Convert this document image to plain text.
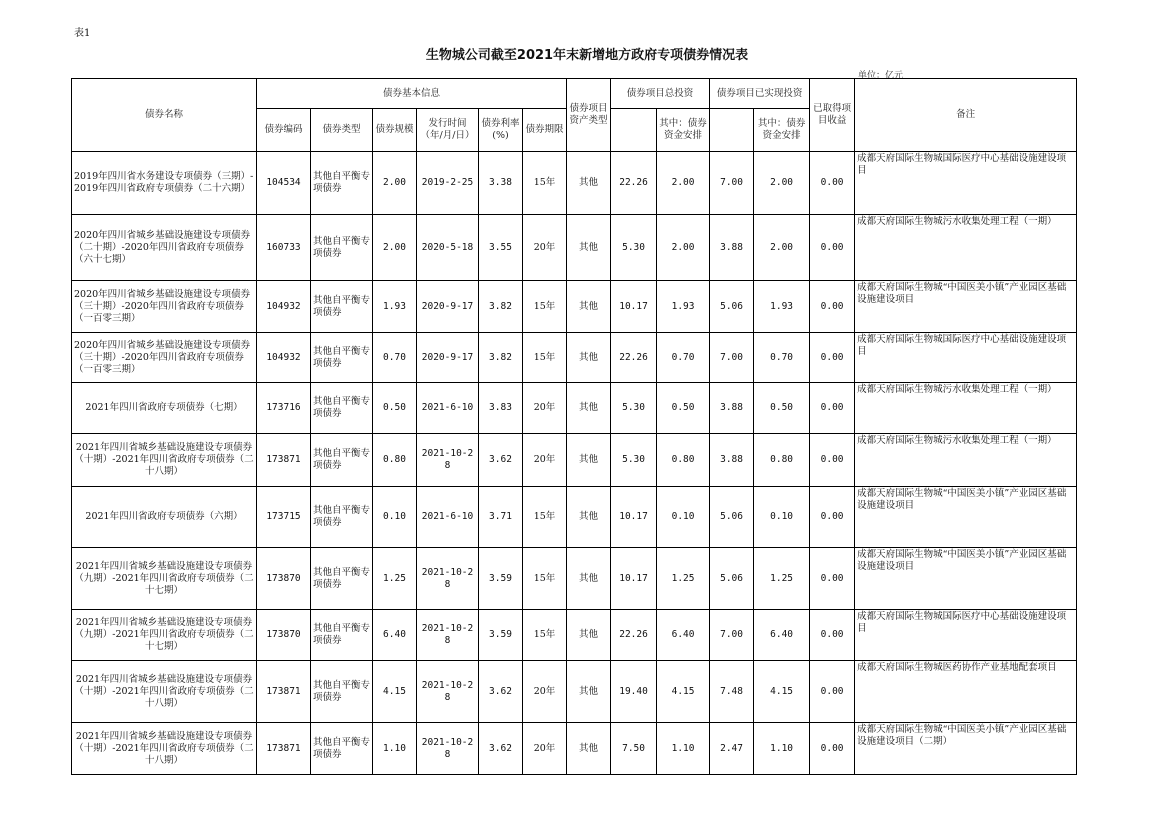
表1
生物城公司截至2021年末新增地方政府专项债券情况表
单位：亿元
债券名称	债券基本信息						债券项目资产类型	债券项目总投资		债券项目已实现投资		已取得项目收益	备注
	债券编码	债券类型	债券规模	发行时间（年/月/日）	债券利率(%)	债券期限			其中：债券资金安排		其中：债券资金安排		
2019年四川省水务建设专项债券（三期）-2019年四川省政府专项债券（二十六期）	104534	其他自平衡专项债券	2.00	2019-2-25	3.38	15年	其他	22.26	2.00	7.00	2.00	0.00	成都天府国际生物城国际医疗中心基础设施建设项目
2020年四川省城乡基础设施建设专项债券（二十期）-2020年四川省政府专项债券（六十七期）	160733	其他自平衡专项债券	2.00	2020-5-18	3.55	20年	其他	5.30	2.00	3.88	2.00	0.00	成都天府国际生物城污水收集处理工程（一期）
2020年四川省城乡基础设施建设专项债券（三十期）-2020年四川省政府专项债券（一百零三期）	104932	其他自平衡专项债券	1.93	2020-9-17	3.82	15年	其他	10.17	1.93	5.06	1.93	0.00	成都天府国际生物城“中国医美小镇”产业园区基础设施建设项目
2020年四川省城乡基础设施建设专项债券（三十期）-2020年四川省政府专项债券（一百零三期）	104932	其他自平衡专项债券	0.70	2020-9-17	3.82	15年	其他	22.26	0.70	7.00	0.70	0.00	成都天府国际生物城国际医疗中心基础设施建设项目
2021年四川省政府专项债券（七期）	173716	其他自平衡专项债券	0.50	2021-6-10	3.83	20年	其他	5.30	0.50	3.88	0.50	0.00	成都天府国际生物城污水收集处理工程（一期）
2021年四川省城乡基础设施建设专项债券（十期）-2021年四川省政府专项债券（二十八期）	173871	其他自平衡专项债券	0.80	2021-10-28	3.62	20年	其他	5.30	0.80	3.88	0.80	0.00	成都天府国际生物城污水收集处理工程（一期）
2021年四川省政府专项债券（六期）	173715	其他自平衡专项债券	0.10	2021-6-10	3.71	15年	其他	10.17	0.10	5.06	0.10	0.00	成都天府国际生物城“中国医美小镇”产业园区基础设施建设项目
2021年四川省城乡基础设施建设专项债券（九期）-2021年四川省政府专项债券（二十七期）	173870	其他自平衡专项债券	1.25	2021-10-28	3.59	15年	其他	10.17	1.25	5.06	1.25	0.00	成都天府国际生物城“中国医美小镇”产业园区基础设施建设项目
2021年四川省城乡基础设施建设专项债券（九期）-2021年四川省政府专项债券（二十七期）	173870	其他自平衡专项债券	6.40	2021-10-28	3.59	15年	其他	22.26	6.40	7.00	6.40	0.00	成都天府国际生物城国际医疗中心基础设施建设项目
2021年四川省城乡基础设施建设专项债券（十期）-2021年四川省政府专项债券（二十八期）	173871	其他自平衡专项债券	4.15	2021-10-28	3.62	20年	其他	19.40	4.15	7.48	4.15	0.00	成都天府国际生物城医药协作产业基地配套项目
2021年四川省城乡基础设施建设专项债券（十期）-2021年四川省政府专项债券（二十八期）	173871	其他自平衡专项债券	1.10	2021-10-28	3.62	20年	其他	7.50	1.10	2.47	1.10	0.00	成都天府国际生物城“中国医美小镇”产业园区基础设施建设项目（二期）
